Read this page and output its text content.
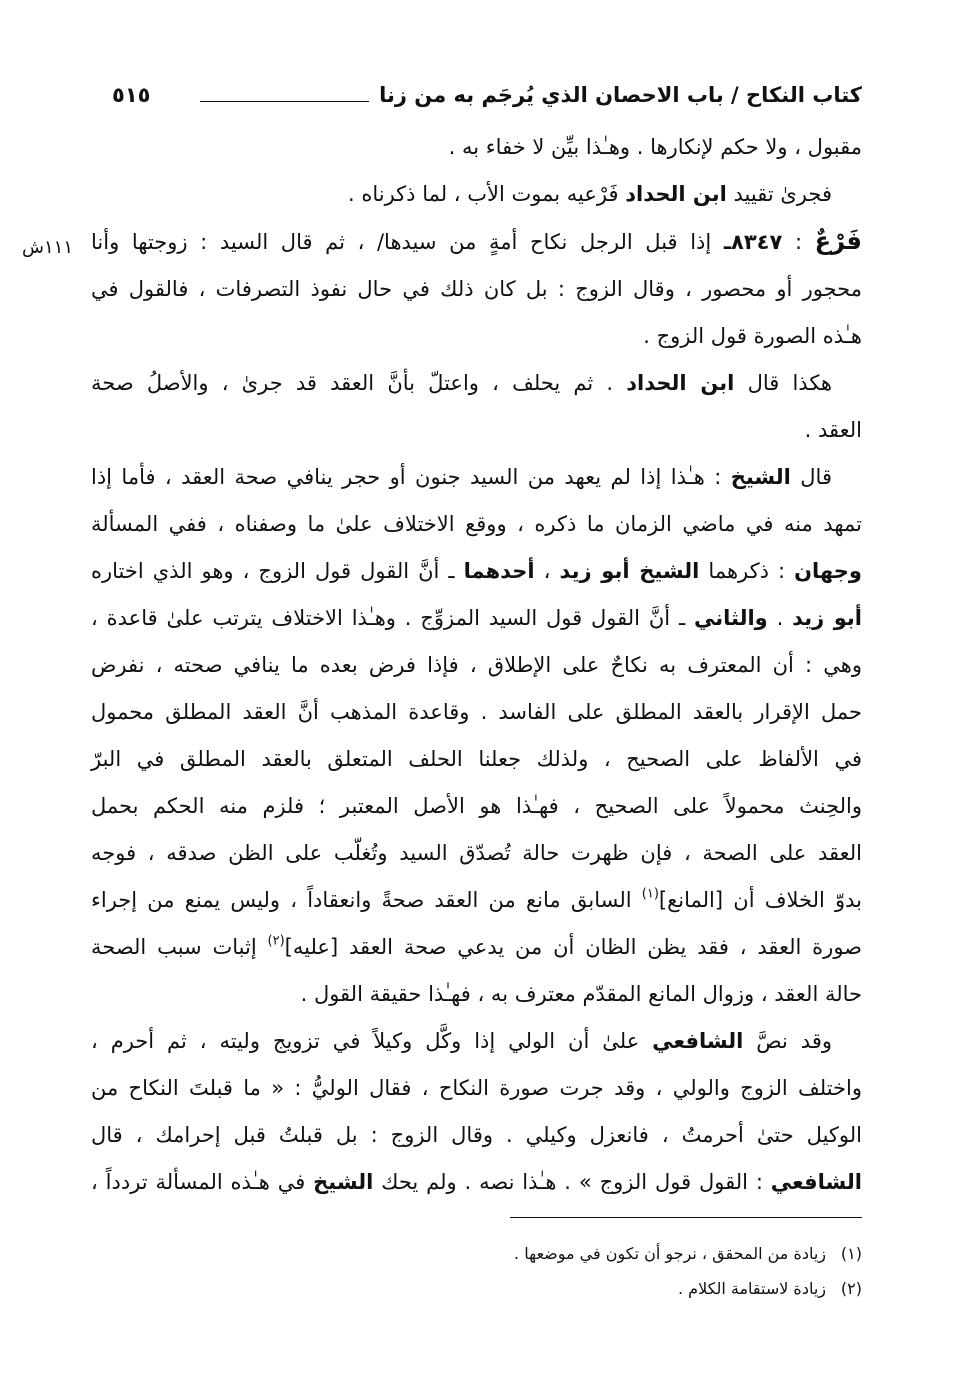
كتاب النكاح / باب الاحصان الذي يُرجَم به من زنا
٥١٥
١١١ش
مقبول ، ولا حكم لإنكارها . وهـٰذا بيِّن لا خفاء به .
فجرىٰ تقييد ابن الحداد فَرْعيه بموت الأب ، لما ذكرناه .
فَرْعٌ : ٨٣٤٧ـ إذا قبل الرجل نكاح أمةٍ من سيدها/ ، ثم قال السيد : زوجتها وأنا
محجور أو محصور ، وقال الزوج : بل كان ذلك في حال نفوذ التصرفات ، فالقول في
هـٰذه الصورة قول الزوج .
هكذا قال ابن الحداد . ثم يحلف ، واعتلّ بأنَّ العقد قد جرىٰ ، والأصلُ صحة
العقد .
قال الشيخ : هـٰذا إذا لم يعهد من السيد جنون أو حجر ينافي صحة العقد ، فأما إذا
تمهد منه في ماضي الزمان ما ذكره ، ووقع الاختلاف علىٰ ما وصفناه ، ففي المسألة
وجهان : ذكرهما الشيخ أبو زيد ، أحدهما ـ أنَّ القول قول الزوج ، وهو الذي اختاره
أبو زيد . والثاني ـ أنَّ القول قول السيد المزوِّج . وهـٰذا الاختلاف يترتب علىٰ قاعدة ،
وهي : أن المعترف به نكاحٌ على الإطلاق ، فإذا فرض بعده ما ينافي صحته ، نفرض
حمل الإقرار بالعقد المطلق على الفاسد . وقاعدة المذهب أنَّ العقد المطلق محمول
في الألفاظ على الصحيح ، ولذلك جعلنا الحلف المتعلق بالعقد المطلق في البرّ
والحِنث محمولاً على الصحيح ، فهـٰذا هو الأصل المعتبر ؛ فلزم منه الحكم بحمل
العقد على الصحة ، فإن ظهرت حالة تُصدّق السيد وتُغلّب على الظن صدقه ، فوجه
بدوّ الخلاف أن [المانع]$^{(١)}$ السابق مانع من العقد صحةً وانعقاداً ، وليس يمنع من إجراء
صورة العقد ، فقد يظن الظان أن من يدعي صحة العقد [عليه]$^{(٢)}$ إثبات سبب الصحة
حالة العقد ، وزوال المانع المقدّم معترف به ، فهـٰذا حقيقة القول .
وقد نصَّ الشافعي علىٰ أن الولي إذا وكَّل وكيلاً في تزويج وليته ، ثم أحرم ،
واختلف الزوج والولي ، وقد جرت صورة النكاح ، فقال الوليُّ : « ما قبلتَ النكاح من
الوكيل حتىٰ أحرمتُ ، فانعزل وكيلي . وقال الزوج : بل قبلتُ قبل إحرامك ، قال
الشافعي : القول قول الزوج » . هـٰذا نصه . ولم يحك الشيخ في هـٰذه المسألة تردداً ،
(١)زيادة من المحقق ، نرجو أن تكون في موضعها .
(٢)زيادة لاستقامة الكلام .
